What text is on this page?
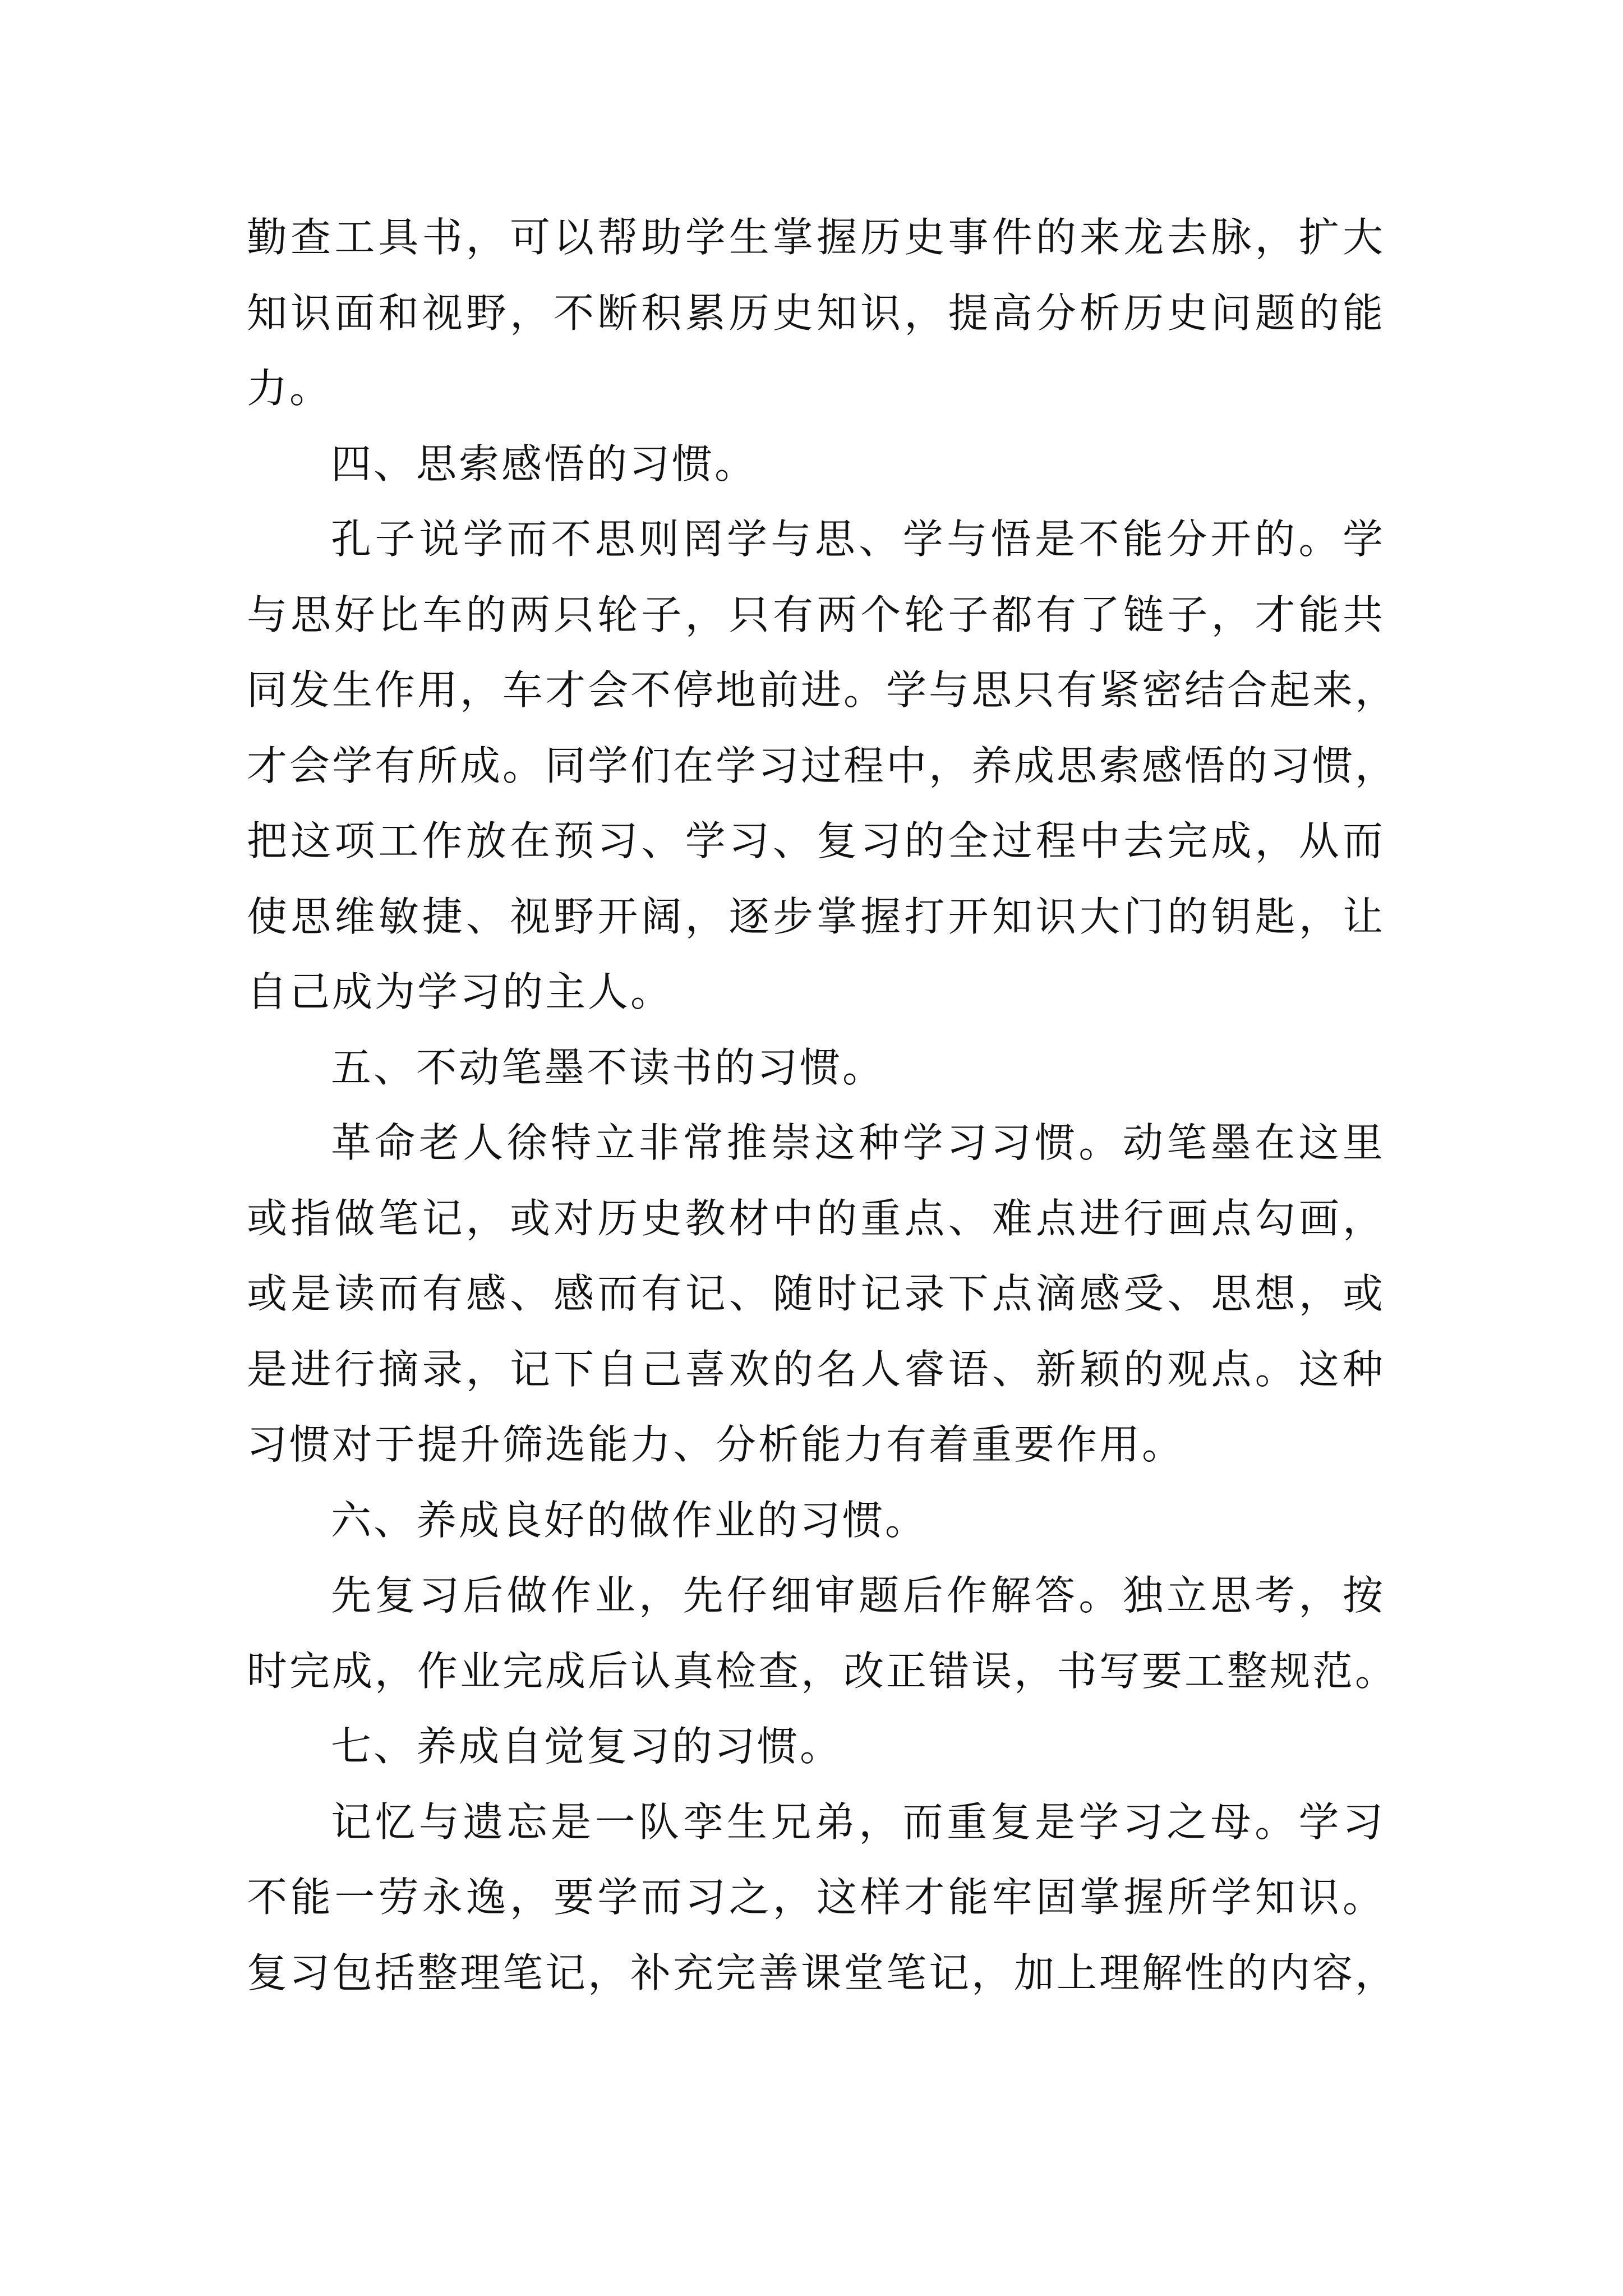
勤查工具书，可以帮助学生掌握历史事件的来龙去脉，扩大
知识面和视野，不断积累历史知识，提高分析历史问题的能
力。
四、思索感悟的习惯。
孔子说学而不思则罔学与思、学与悟是不能分开的。学
与思好比车的两只轮子，只有两个轮子都有了链子，才能共
同发生作用，车才会不停地前进。学与思只有紧密结合起来，
才会学有所成。同学们在学习过程中，养成思索感悟的习惯，
把这项工作放在预习、学习、复习的全过程中去完成，从而
使思维敏捷、视野开阔，逐步掌握打开知识大门的钥匙，让
自己成为学习的主人。
五、不动笔墨不读书的习惯。
革命老人徐特立非常推崇这种学习习惯。动笔墨在这里
或指做笔记，或对历史教材中的重点、难点进行画点勾画，
或是读而有感、感而有记、随时记录下点滴感受、思想，或
是进行摘录，记下自己喜欢的名人睿语、新颖的观点。这种
习惯对于提升筛选能力、分析能力有着重要作用。
六、养成良好的做作业的习惯。
先复习后做作业，先仔细审题后作解答。独立思考，按
时完成，作业完成后认真检查，改正错误，书写要工整规范。
七、养成自觉复习的习惯。
记忆与遗忘是一队孪生兄弟，而重复是学习之母。学习
不能一劳永逸，要学而习之，这样才能牢固掌握所学知识。
复习包括整理笔记，补充完善课堂笔记，加上理解性的内容，
